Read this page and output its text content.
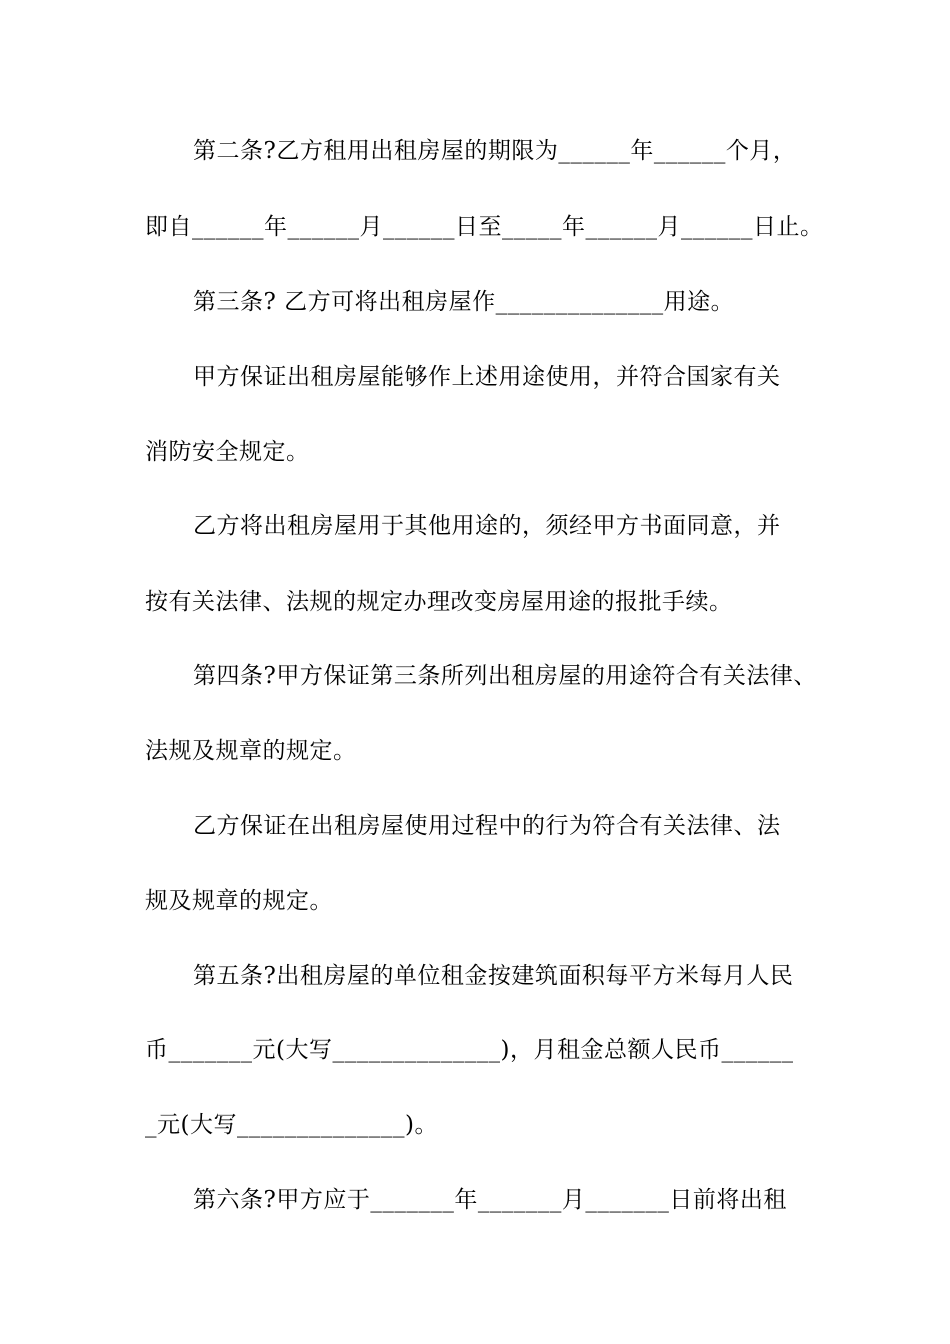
第二条?乙方租用出租房屋的期限为______年______个月，
即自______年______月______日至_____年______月______日止。
第三条? 乙方可将出租房屋作______________用途。
甲方保证出租房屋能够作上述用途使用，并符合国家有关
消防安全规定。
乙方将出租房屋用于其他用途的，须经甲方书面同意，并
按有关法律、法规的规定办理改变房屋用途的报批手续。
第四条?甲方保证第三条所列出租房屋的用途符合有关法律、
法规及规章的规定。
乙方保证在出租房屋使用过程中的行为符合有关法律、法
规及规章的规定。
第五条?出租房屋的单位租金按建筑面积每平方米每月人民
币_______元(大写______________)，月租金总额人民币______
_元(大写______________)。
第六条?甲方应于_______年_______月_______日前将出租
